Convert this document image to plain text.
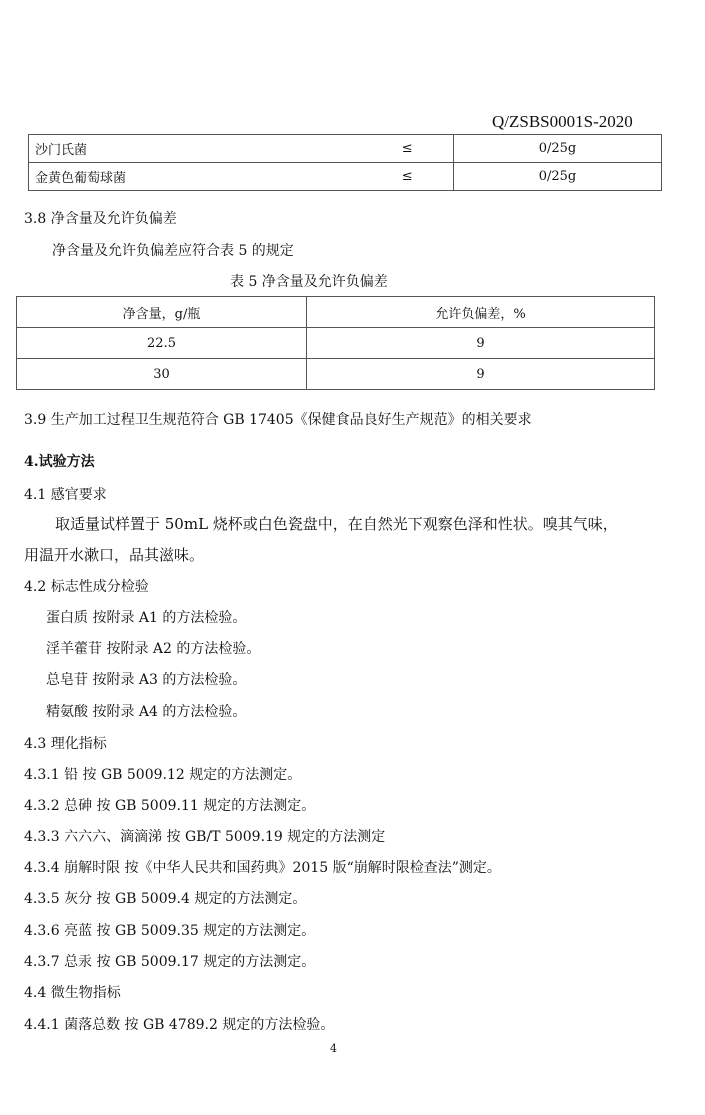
Q/ZSBS0001S-2020
沙门氏菌	≤	0/25g
金黄色葡萄球菌	≤	0/25g
3.8 净含量及允许负偏差
净含量及允许负偏差应符合表 5 的规定
表 5 净含量及允许负偏差
净含量，g/瓶	允许负偏差，%
22.5	9
30	9
3.9 生产加工过程卫生规范符合 GB 17405《保健食品良好生产规范》的相关要求
4.试验方法
4.1 感官要求
取适量试样置于 50mL 烧杯或白色瓷盘中，在自然光下观察色泽和性状。嗅其气味，
用温开水漱口，品其滋味。
4.2 标志性成分检验
蛋白质 按附录 A1 的方法检验。
淫羊藿苷 按附录 A2 的方法检验。
总皂苷 按附录 A3 的方法检验。
精氨酸 按附录 A4 的方法检验。
4.3 理化指标
4.3.1 铅 按 GB 5009.12 规定的方法测定。
4.3.2 总砷 按 GB 5009.11 规定的方法测定。
4.3.3 六六六、滴滴涕 按 GB/T 5009.19 规定的方法测定
4.3.4 崩解时限 按《中华人民共和国药典》2015 版“崩解时限检查法”测定。
4.3.5 灰分 按 GB 5009.4 规定的方法测定。
4.3.6 亮蓝 按 GB 5009.35 规定的方法测定。
4.3.7 总汞 按 GB 5009.17 规定的方法测定。
4.4 微生物指标
4.4.1 菌落总数 按 GB 4789.2 规定的方法检验。
4
